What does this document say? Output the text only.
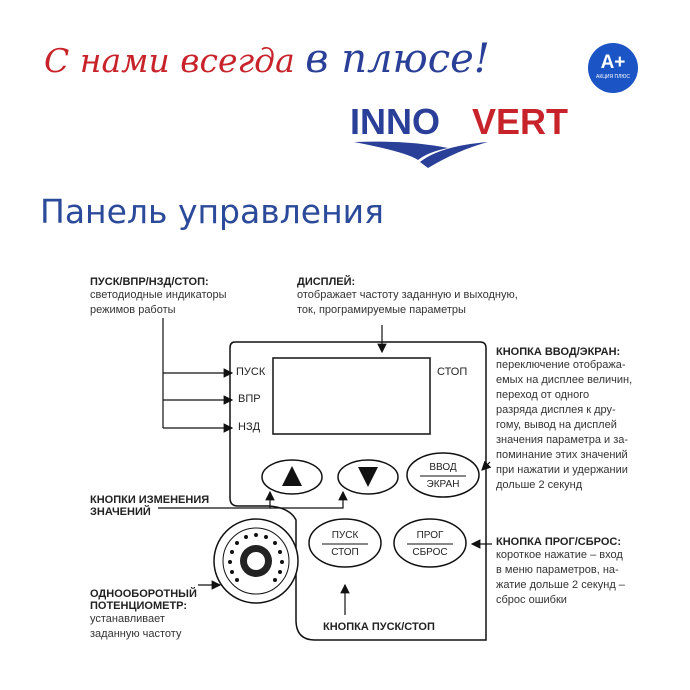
С нами всегда в плюсе!	A+
АКЦИЯ ПЛЮС
INNO VERT
Панель управления
ПУСК
ВПР
НЗД
СТОП
ВВОД
ЭКРАН
ПУСК
СТОП
ПРОГ
СБРОС
ПУСК/ВПР/НЗД/СТОП:
светодиодные индикаторы
режимов работы
ДИСПЛЕЙ:
отображает частоту заданную и выходную,
ток, програмируемые параметры
КНОПКА ВВОД/ЭКРАН:
переключение отобража-
емых на дисплее величин,
переход от одного
разряда дисплея к дру-
гому, вывод на дисплей
значения параметра и за-
поминание этих значений
при нажатии и удержании
дольше 2 секунд
КНОПКИ ИЗМЕНЕНИЯ
ЗНАЧЕНИЙ
КНОПКА ПРОГ/СБРОС:
короткое нажатие – вход
в меню параметров, на-
жатие дольше 2 секунд –
сброс ошибки
ОДНООБОРОТНЫЙ
ПОТЕНЦИОМЕТР:
устанавливает
заданную частоту
КНОПКА ПУСК/СТОП
